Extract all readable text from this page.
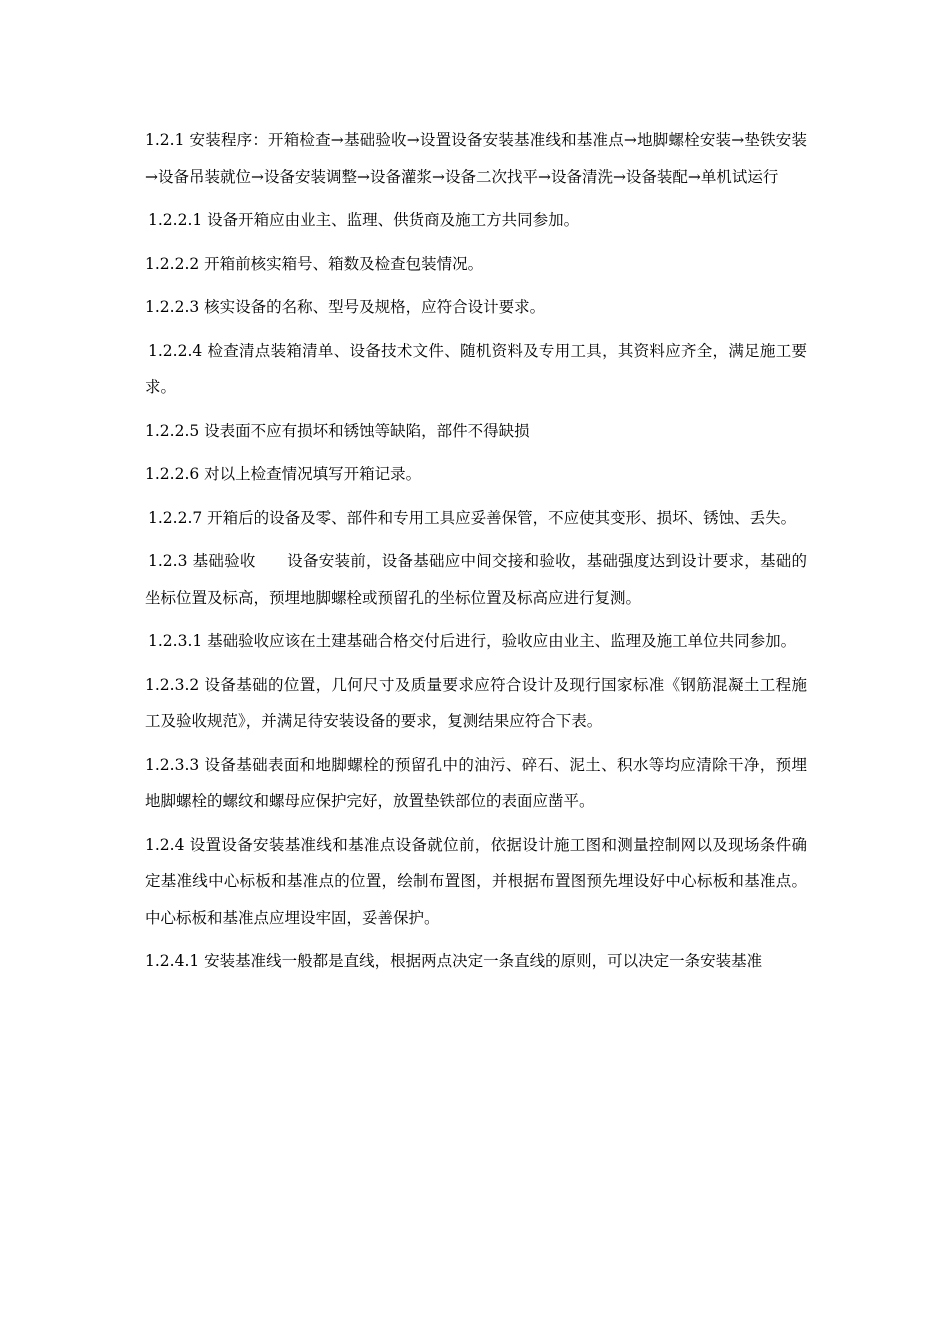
1.2.1 安装程序：开箱检查→基础验收→设置设备安装基准线和基准点→地脚螺栓安装→垫铁安装→设备吊装就位→设备安装调整→设备灌浆→设备二次找平→设备清洗→设备装配→单机试运行

1.2.2.1 设备开箱应由业主、监理、供货商及施工方共同参加。

1.2.2.2 开箱前核实箱号、箱数及检查包装情况。

1.2.2.3 核实设备的名称、型号及规格，应符合设计要求。

1.2.2.4 检查清点装箱清单、设备技术文件、随机资料及专用工具，其资料应齐全，满足施工要求。

1.2.2.5 设表面不应有损坏和锈蚀等缺陷，部件不得缺损

1.2.2.6 对以上检查情况填写开箱记录。

1.2.2.7 开箱后的设备及零、部件和专用工具应妥善保管，不应使其变形、损坏、锈蚀、丢失。

1.2.3 基础验收　　设备安装前，设备基础应中间交接和验收，基础强度达到设计要求，基础的坐标位置及标高，预埋地脚螺栓或预留孔的坐标位置及标高应进行复测。

1.2.3.1 基础验收应该在土建基础合格交付后进行，验收应由业主、监理及施工单位共同参加。

1.2.3.2 设备基础的位置，几何尺寸及质量要求应符合设计及现行国家标准《钢筋混凝土工程施工及验收规范》，并满足待安装设备的要求，复测结果应符合下表。

1.2.3.3 设备基础表面和地脚螺栓的预留孔中的油污、碎石、泥土、积水等均应清除干净，预埋地脚螺栓的螺纹和螺母应保护完好，放置垫铁部位的表面应凿平。

1.2.4 设置设备安装基准线和基准点设备就位前，依据设计施工图和测量控制网以及现场条件确定基准线中心标板和基准点的位置，绘制布置图，并根据布置图预先埋设好中心标板和基准点。中心标板和基准点应埋设牢固，妥善保护。

1.2.4.1 安装基准线一般都是直线，根据两点决定一条直线的原则，可以决定一条安装基准
